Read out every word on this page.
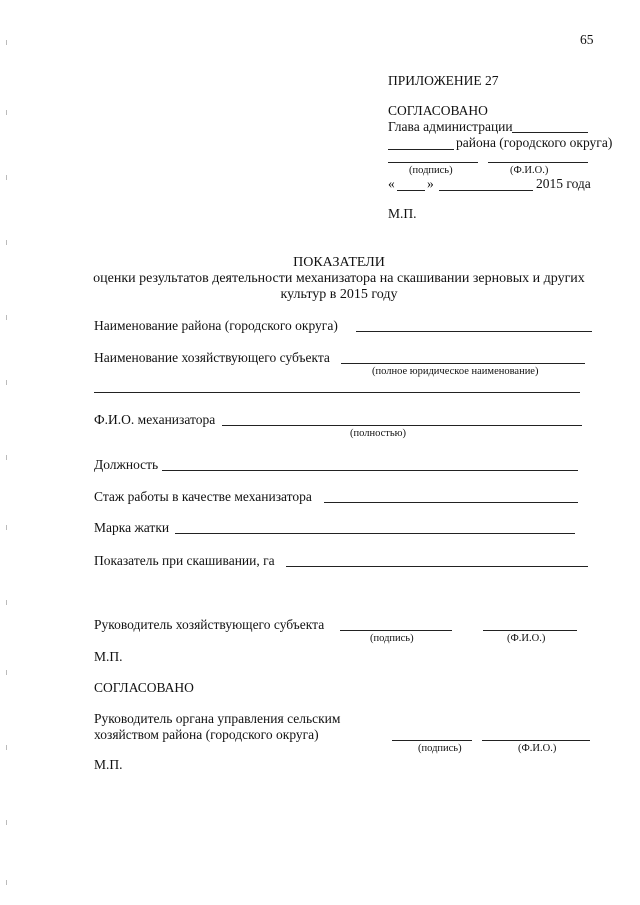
65
ПРИЛОЖЕНИЕ 27
СОГЛАСОВАНО
Глава администрации
района (городского округа)
(подпись)	(Ф.И.О.)
« »	2015 года
М.П.
ПОКАЗАТЕЛИ
оценки результатов деятельности механизатора на скашивании зерновых и других
культур в 2015 году
Наименование района (городского округа)
Наименование хозяйствующего субъекта
(полное юридическое наименование)
Ф.И.О. механизатора
(полностью)
Должность
Стаж работы в качестве механизатора
Марка жатки
Показатель при скашивании, га
Руководитель хозяйствующего субъекта
(подпись)	(Ф.И.О.)
М.П.
СОГЛАСОВАНО
Руководитель органа управления сельским
хозяйством района (городского округа)
(подпись)	(Ф.И.О.)
М.П.
